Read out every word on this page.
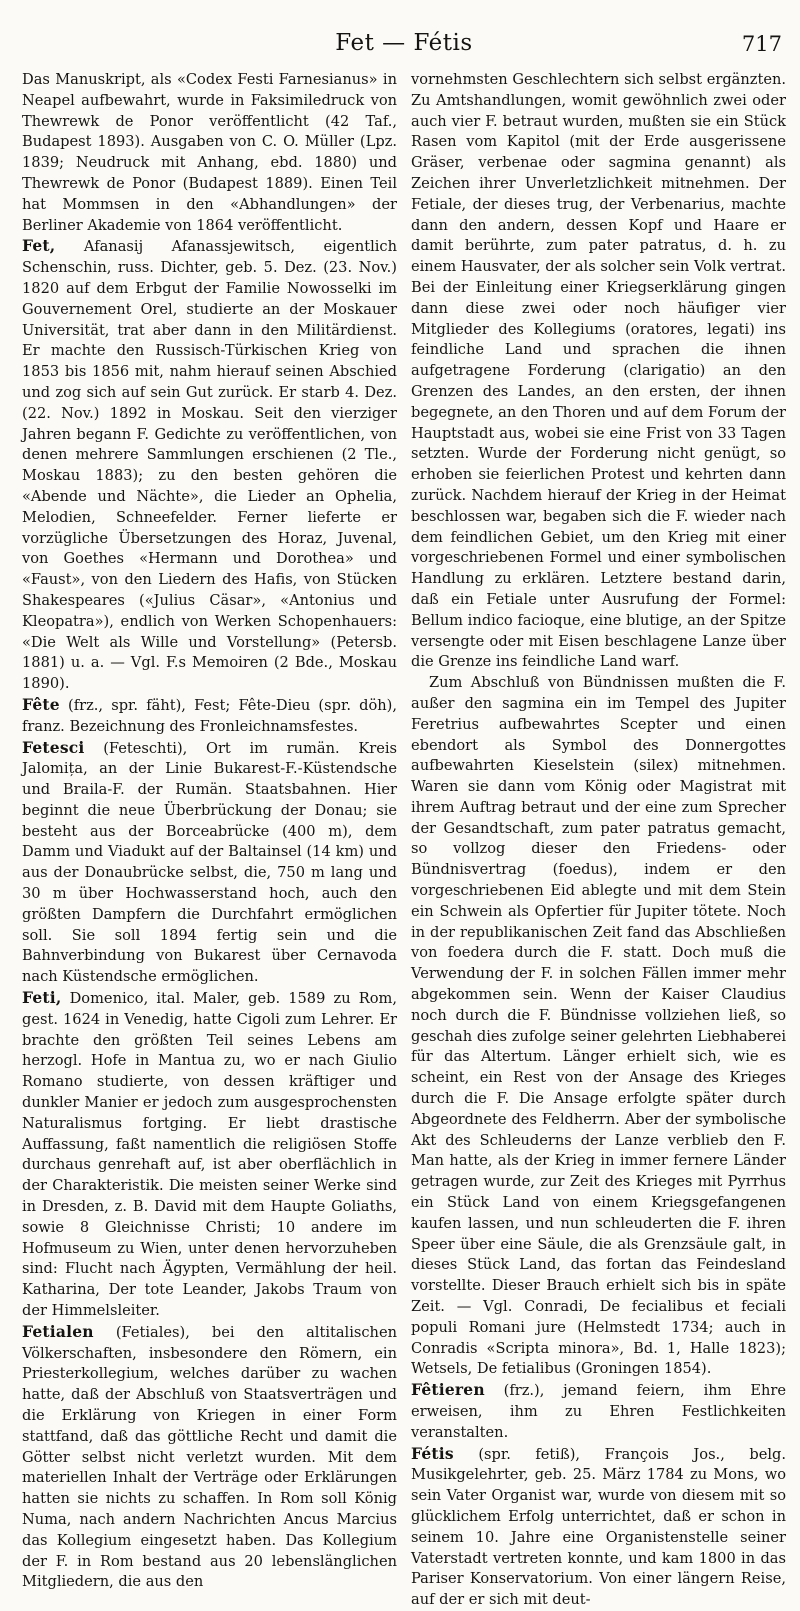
Fet — Fétis	717

Das Manuskript, als «Codex Festi Farnesianus» in Neapel aufbewahrt, wurde in Faksimiledruck von Thewrewk de Ponor veröffentlicht (42 Taf., Budapest 1893). Ausgaben von C. O. Müller (Lpz. 1839; Neudruck mit Anhang, ebd. 1880) und Thewrewk de Ponor (Budapest 1889). Einen Teil hat Mommsen in den «Abhandlungen» der Berliner Akademie von 1864 veröffentlicht.

Fet, Afanasij Afanassjewitsch, eigentlich Schenschin, russ. Dichter, geb. 5. Dez. (23. Nov.) 1820 auf dem Erbgut der Familie Nowosselki im Gouvernement Orel, studierte an der Moskauer Universität, trat aber dann in den Militärdienst. Er machte den Russisch-Türkischen Krieg von 1853 bis 1856 mit, nahm hierauf seinen Abschied und zog sich auf sein Gut zurück. Er starb 4. Dez. (22. Nov.) 1892 in Moskau. Seit den vierziger Jahren begann F. Gedichte zu veröffentlichen, von denen mehrere Sammlungen erschienen (2 Tle., Moskau 1883); zu den besten gehören die «Abende und Nächte», die Lieder an Ophelia, Melodien, Schneefelder. Ferner lieferte er vorzügliche Übersetzungen des Horaz, Juvenal, von Goethes «Hermann und Dorothea» und «Faust», von den Liedern des Hafis, von Stücken Shakespeares («Julius Cäsar», «Antonius und Kleopatra»), endlich von Werken Schopenhauers: «Die Welt als Wille und Vorstellung» (Petersb. 1881) u. a. — Vgl. F.s Memoiren (2 Bde., Moskau 1890).

Fête (frz., spr. fäht), Fest; Fête-Dieu (spr. döh), franz. Bezeichnung des Fronleichnamsfestes.

Fetesci (Feteschti), Ort im rumän. Kreis Jalomița, an der Linie Bukarest-F.-Küstendsche und Braila-F. der Rumän. Staatsbahnen. Hier beginnt die neue Überbrückung der Donau; sie besteht aus der Borceabrücke (400 m), dem Damm und Viadukt auf der Baltainsel (14 km) und aus der Donaubrücke selbst, die, 750 m lang und 30 m über Hochwasserstand hoch, auch den größten Dampfern die Durchfahrt ermöglichen soll. Sie soll 1894 fertig sein und die Bahnverbindung von Bukarest über Cernavoda nach Küstendsche ermöglichen.

Feti, Domenico, ital. Maler, geb. 1589 zu Rom, gest. 1624 in Venedig, hatte Cigoli zum Lehrer. Er brachte den größten Teil seines Lebens am herzogl. Hofe in Mantua zu, wo er nach Giulio Romano studierte, von dessen kräftiger und dunkler Manier er jedoch zum ausgesprochensten Naturalismus fortging. Er liebt drastische Auffassung, faßt namentlich die religiösen Stoffe durchaus genrehaft auf, ist aber oberflächlich in der Charakteristik. Die meisten seiner Werke sind in Dresden, z. B. David mit dem Haupte Goliaths, sowie 8 Gleichnisse Christi; 10 andere im Hofmuseum zu Wien, unter denen hervorzuheben sind: Flucht nach Ägypten, Vermählung der heil. Katharina, Der tote Leander, Jakobs Traum von der Himmelsleiter.

Fetialen (Fetiales), bei den altitalischen Völkerschaften, insbesondere den Römern, ein Priesterkollegium, welches darüber zu wachen hatte, daß der Abschluß von Staatsverträgen und die Erklärung von Kriegen in einer Form stattfand, daß das göttliche Recht und damit die Götter selbst nicht verletzt wurden. Mit dem materiellen Inhalt der Verträge oder Erklärungen hatten sie nichts zu schaffen. In Rom soll König Numa, nach andern Nachrichten Ancus Marcius das Kollegium eingesetzt haben. Das Kollegium der F. in Rom bestand aus 20 lebenslänglichen Mitgliedern, die aus den

vornehmsten Geschlechtern sich selbst ergänzten. Zu Amtshandlungen, womit gewöhnlich zwei oder auch vier F. betraut wurden, mußten sie ein Stück Rasen vom Kapitol (mit der Erde ausgerissene Gräser, verbenae oder sagmina genannt) als Zeichen ihrer Unverletzlichkeit mitnehmen. Der Fetiale, der dieses trug, der Verbenarius, machte dann den andern, dessen Kopf und Haare er damit berührte, zum pater patratus, d. h. zu einem Hausvater, der als solcher sein Volk vertrat. Bei der Einleitung einer Kriegserklärung gingen dann diese zwei oder noch häufiger vier Mitglieder des Kollegiums (oratores, legati) ins feindliche Land und sprachen die ihnen aufgetragene Forderung (clarigatio) an den Grenzen des Landes, an den ersten, der ihnen begegnete, an den Thoren und auf dem Forum der Hauptstadt aus, wobei sie eine Frist von 33 Tagen setzten. Wurde der Forderung nicht genügt, so erhoben sie feierlichen Protest und kehrten dann zurück. Nachdem hierauf der Krieg in der Heimat beschlossen war, begaben sich die F. wieder nach dem feindlichen Gebiet, um den Krieg mit einer vorgeschriebenen Formel und einer symbolischen Handlung zu erklären. Letztere bestand darin, daß ein Fetiale unter Ausrufung der Formel: Bellum indico facioque, eine blutige, an der Spitze versengte oder mit Eisen beschlagene Lanze über die Grenze ins feindliche Land warf.

Zum Abschluß von Bündnissen mußten die F. außer den sagmina ein im Tempel des Jupiter Feretrius aufbewahrtes Scepter und einen ebendort als Symbol des Donnergottes aufbewahrten Kieselstein (silex) mitnehmen. Waren sie dann vom König oder Magistrat mit ihrem Auftrag betraut und der eine zum Sprecher der Gesandtschaft, zum pater patratus gemacht, so vollzog dieser den Friedens- oder Bündnisvertrag (foedus), indem er den vorgeschriebenen Eid ablegte und mit dem Stein ein Schwein als Opfertier für Jupiter tötete. Noch in der republikanischen Zeit fand das Abschließen von foedera durch die F. statt. Doch muß die Verwendung der F. in solchen Fällen immer mehr abgekommen sein. Wenn der Kaiser Claudius noch durch die F. Bündnisse vollziehen ließ, so geschah dies zufolge seiner gelehrten Liebhaberei für das Altertum. Länger erhielt sich, wie es scheint, ein Rest von der Ansage des Krieges durch die F. Die Ansage erfolgte später durch Abgeordnete des Feldherrn. Aber der symbolische Akt des Schleuderns der Lanze verblieb den F. Man hatte, als der Krieg in immer fernere Länder getragen wurde, zur Zeit des Krieges mit Pyrrhus ein Stück Land von einem Kriegsgefangenen kaufen lassen, und nun schleuderten die F. ihren Speer über eine Säule, die als Grenzsäule galt, in dieses Stück Land, das fortan das Feindesland vorstellte. Dieser Brauch erhielt sich bis in späte Zeit. — Vgl. Conradi, De fecialibus et feciali populi Romani jure (Helmstedt 1734; auch in Conradis «Scripta minora», Bd. 1, Halle 1823); Wetsels, De fetialibus (Groningen 1854).

Fêtieren (frz.), jemand feiern, ihm Ehre erweisen, ihm zu Ehren Festlichkeiten veranstalten.

Fétis (spr. fetiß), François Jos., belg. Musikgelehrter, geb. 25. März 1784 zu Mons, wo sein Vater Organist war, wurde von diesem mit so glücklichem Erfolg unterrichtet, daß er schon in seinem 10. Jahre eine Organistenstelle seiner Vaterstadt vertreten konnte, und kam 1800 in das Pariser Konservatorium. Von einer längern Reise, auf der er sich mit deut-
